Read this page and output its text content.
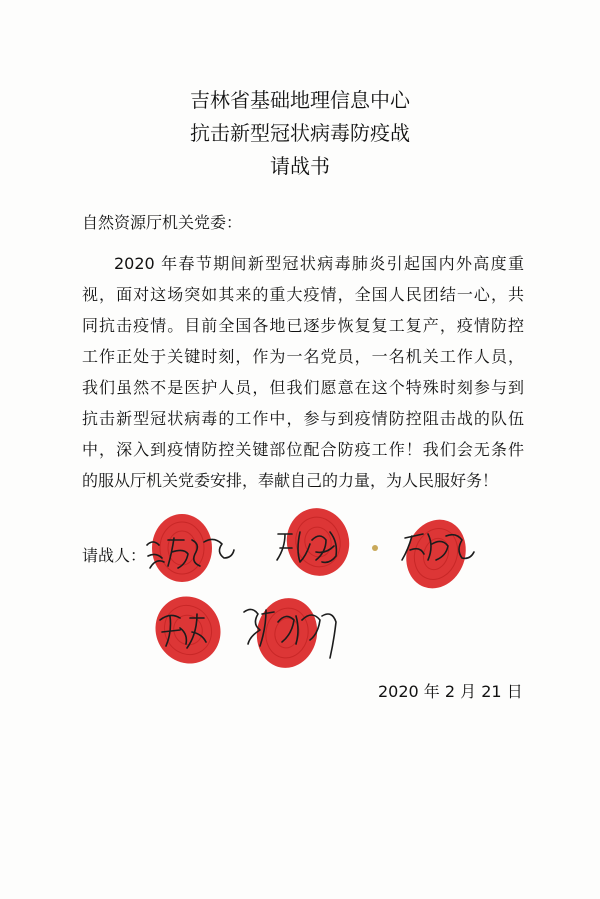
吉林省基础地理信息中心
抗击新型冠状病毒防疫战
请战书
自然资源厅机关党委：
2020 年春节期间新型冠状病毒肺炎引起国内外高度重
视，面对这场突如其来的重大疫情，全国人民团结一心，共
同抗击疫情。目前全国各地已逐步恢复复工复产，疫情防控
工作正处于关键时刻，作为一名党员，一名机关工作人员，
我们虽然不是医护人员，但我们愿意在这个特殊时刻参与到
抗击新型冠状病毒的工作中，参与到疫情防控阻击战的队伍
中，深入到疫情防控关键部位配合防疫工作！我们会无条件
的服从厅机关党委安排，奉献自己的力量，为人民服好务！
请战人：
2020 年 2 月 21 日
